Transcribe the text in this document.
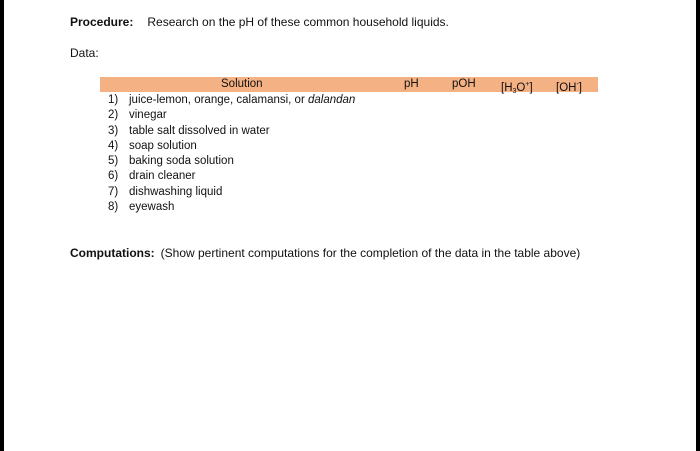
Procedure: Research on the pH of these common household liquids.
Data:
Solution	pH	pOH $[H_3O^+]$ [OH-]
1) juice-lemon, orange, calamansi, or dalandan
2) vinegar
3) table salt dissolved in water
4) soap solution
5) baking soda solution
6) drain cleaner
7) dishwashing liquid
8) eyewash
Computations: (Show pertinent computations for the completion of the data in the table above)
